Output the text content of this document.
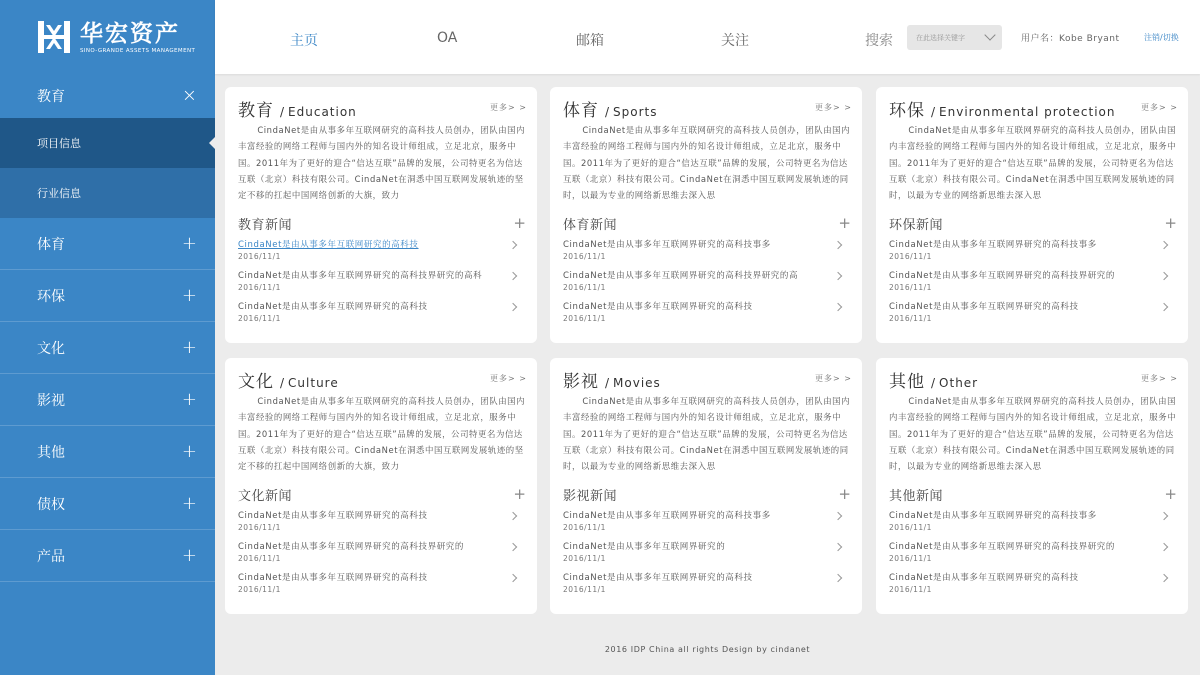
华宏资产
SINO-GRANDE ASSETS MANAGEMENT
教育	×
项目信息
行业信息
体育	+
环保	+
文化	+
影视	+
其他	+
债权	+
产品	+
主页	OA	邮箱	关注	搜索	在此选择关键字	用户名：Kobe Bryant	注销/切换
教育 / Education	更多> >
CindaNet是由从事多年互联网研究的高科技人员创办，团队由国内丰富经验的网络工程师与国内外的知名设计师组成，立足北京，服务中国。2011年为了更好的迎合“信达互联”品牌的发展，公司特更名为信达互联（北京）科技有限公司。CindaNet在洞悉中国互联网发展轨迹的坚定不移的扛起中国网络创新的大旗，致力
教育新闻	+
CindaNet是由从事多年互联网研究的高科技
2016/11/1
CindaNet是由从事多年互联网界研究的高科技界研究的高科
2016/11/1
CindaNet是由从事多年互联网界研究的高科技
2016/11/1
体育 / Sports	更多> >
CindaNet是由从事多年互联网研究的高科技人员创办，团队由国内丰富经验的网络工程师与国内外的知名设计师组成，立足北京，服务中国。2011年为了更好的迎合“信达互联”品牌的发展，公司特更名为信达互联（北京）科技有限公司。CindaNet在洞悉中国互联网发展轨迹的同时，以最为专业的网络新思维去深入思
体育新闻	+
CindaNet是由从事多年互联网界研究的高科技事多
2016/11/1
CindaNet是由从事多年互联网界研究的高科技界研究的高
2016/11/1
CindaNet是由从事多年互联网界研究的高科技
2016/11/1
环保 / Environmental protection	更多> >
CindaNet是由从事多年互联网界研究的高科技人员创办，团队由国内丰富经验的网络工程师与国内外的知名设计师组成，立足北京，服务中国。2011年为了更好的迎合“信达互联”品牌的发展，公司特更名为信达互联（北京）科技有限公司。CindaNet在洞悉中国互联网发展轨迹的同时，以最为专业的网络新思维去深入思
环保新闻	+
CindaNet是由从事多年互联网界研究的高科技事多
2016/11/1
CindaNet是由从事多年互联网界研究的高科技界研究的
2016/11/1
CindaNet是由从事多年互联网界研究的高科技
2016/11/1
文化 / Culture	更多> >
CindaNet是由从事多年互联网研究的高科技人员创办，团队由国内丰富经验的网络工程师与国内外的知名设计师组成，立足北京，服务中国。2011年为了更好的迎合“信达互联”品牌的发展，公司特更名为信达互联（北京）科技有限公司。CindaNet在洞悉中国互联网发展轨迹的坚定不移的扛起中国网络创新的大旗，致力
文化新闻	+
CindaNet是由从事多年互联网界研究的高科技
2016/11/1
CindaNet是由从事多年互联网界研究的高科技界研究的
2016/11/1
CindaNet是由从事多年互联网界研究的高科技
2016/11/1
影视 / Movies	更多> >
CindaNet是由从事多年互联网研究的高科技人员创办，团队由国内丰富经验的网络工程师与国内外的知名设计师组成，立足北京，服务中国。2011年为了更好的迎合“信达互联”品牌的发展，公司特更名为信达互联（北京）科技有限公司。CindaNet在洞悉中国互联网发展轨迹的同时，以最为专业的网络新思维去深入思
影视新闻	+
CindaNet是由从事多年互联网界研究的高科技事多
2016/11/1
CindaNet是由从事多年互联网界研究的
2016/11/1
CindaNet是由从事多年互联网界研究的高科技
2016/11/1
其他 / Other	更多> >
CindaNet是由从事多年互联网界研究的高科技人员创办，团队由国内丰富经验的网络工程师与国内外的知名设计师组成，立足北京，服务中国。2011年为了更好的迎合“信达互联”品牌的发展，公司特更名为信达互联（北京）科技有限公司。CindaNet在洞悉中国互联网发展轨迹的同时，以最为专业的网络新思维去深入思
其他新闻	+
CindaNet是由从事多年互联网界研究的高科技事多
2016/11/1
CindaNet是由从事多年互联网界研究的高科技界研究的
2016/11/1
CindaNet是由从事多年互联网界研究的高科技
2016/11/1
2016 IDP China all rights Design by cindanet
